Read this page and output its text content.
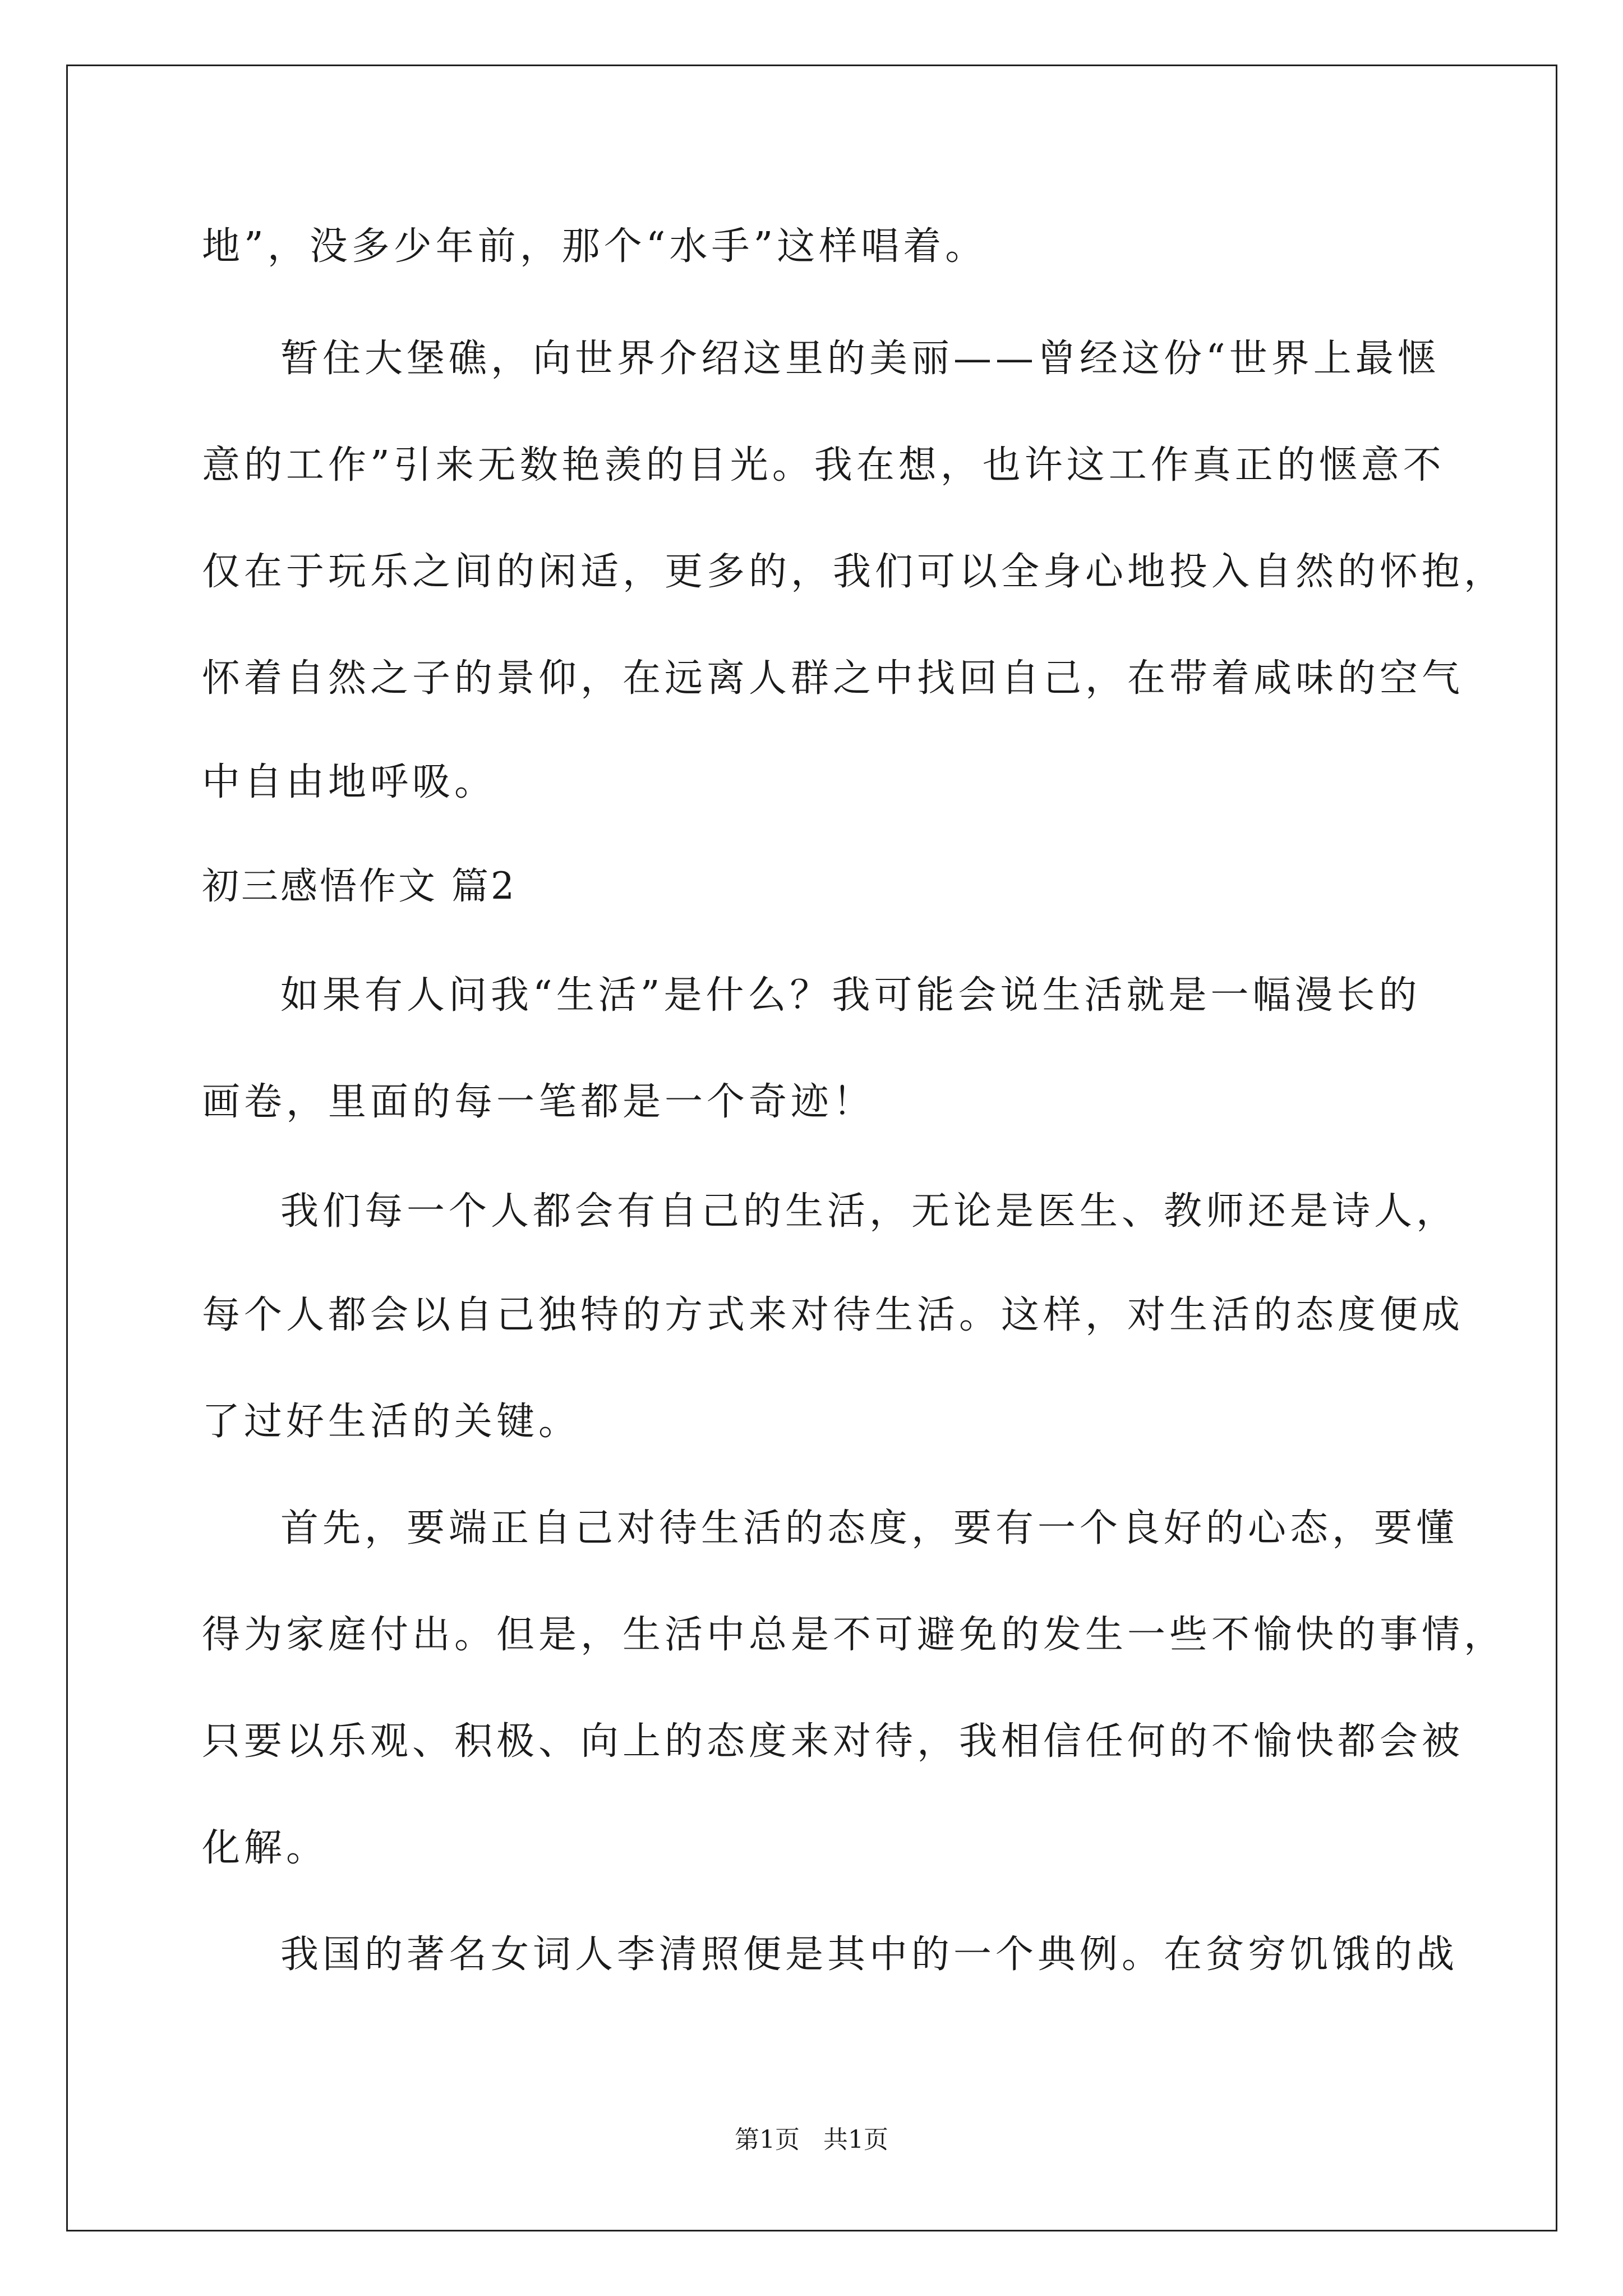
地”，没多少年前，那个“水手”这样唱着。

暂住大堡礁，向世界介绍这里的美丽——曾经这份“世界上最惬

意的工作”引来无数艳羡的目光。我在想，也许这工作真正的惬意不

仅在于玩乐之间的闲适，更多的，我们可以全身心地投入自然的怀抱，

怀着自然之子的景仰，在远离人群之中找回自己，在带着咸味的空气

中自由地呼吸。

初三感悟作文 篇2

如果有人问我“生活”是什么？我可能会说生活就是一幅漫长的

画卷，里面的每一笔都是一个奇迹！

我们每一个人都会有自己的生活，无论是医生、教师还是诗人，

每个人都会以自己独特的方式来对待生活。这样，对生活的态度便成

了过好生活的关键。

首先，要端正自己对待生活的态度，要有一个良好的心态，要懂

得为家庭付出。但是，生活中总是不可避免的发生一些不愉快的事情，

只要以乐观、积极、向上的态度来对待，我相信任何的不愉快都会被

化解。

我国的著名女词人李清照便是其中的一个典例。在贫穷饥饿的战

第1页   共1页
